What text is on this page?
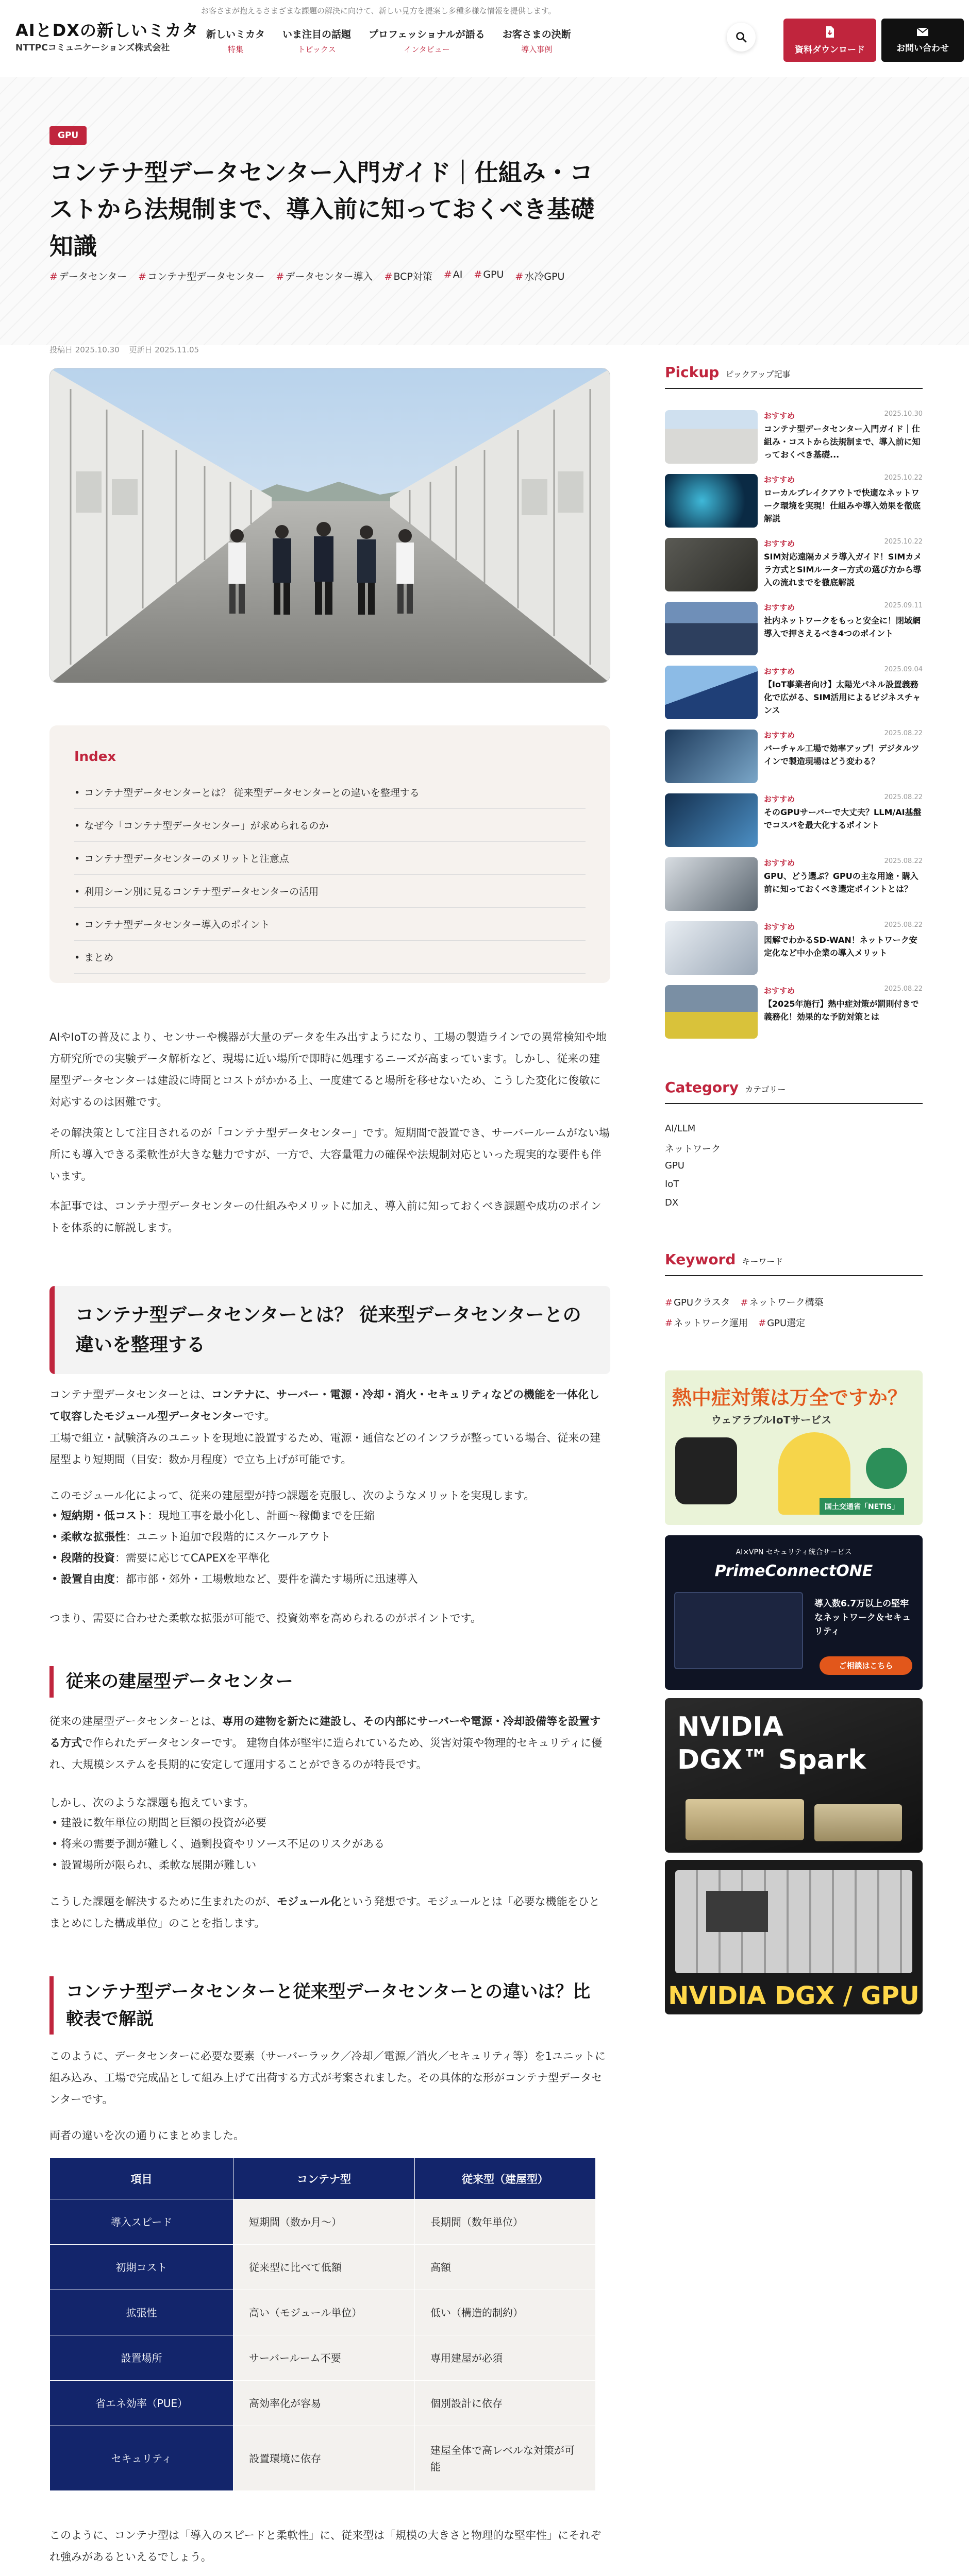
お客さまが抱えるさまざまな課題の解決に向けて、新しい見方を提案し多種多様な情報を提供します。
AIとDXの新しいミカタ
NTTPCコミュニケーションズ株式会社
新しいミカタ
特集
いま注目の話題
トピックス
プロフェッショナルが語る
インタビュー
お客さまの決断
導入事例	資料ダウンロード	お問い合わせ
GPU
コンテナ型データセンター入門ガイド｜仕組み・コストから法規制まで、導入前に知っておくべき基礎知識
# データセンター # コンテナ型データセンター # データセンター導入 # BCP対策 # AI # GPU # 水冷GPU
投稿日 2025.10.30 更新日 2025.11.05
Index
• コンテナ型データセンターとは？ 従来型データセンターとの違いを整理する
• なぜ今「コンテナ型データセンター」が求められるのか
• コンテナ型データセンターのメリットと注意点
• 利用シーン別に見るコンテナ型データセンターの活用
• コンテナ型データセンター導入のポイント
• まとめ

AIやIoTの普及により、センサーや機器が大量のデータを生み出すようになり、工場の製造ラインでの異常検知や地方研究所での実験データ解析など、現場に近い場所で即時に処理するニーズが高まっています。しかし、従来の建屋型データセンターは建設に時間とコストがかかる上、一度建てると場所を移せないため、こうした変化に俊敏に対応するのは困難です。

その解決策として注目されるのが「コンテナ型データセンター」です。短期間で設置でき、サーバールームがない場所にも導入できる柔軟性が大きな魅力ですが、一方で、大容量電力の確保や法規制対応といった現実的な要件も伴います。

本記事では、コンテナ型データセンターの仕組みやメリットに加え、導入前に知っておくべき課題や成功のポイントを体系的に解説します。

コンテナ型データセンターとは？ 従来型データセンターとの違いを整理する

コンテナ型データセンターとは、コンテナに、サーバー・電源・冷却・消火・セキュリティなどの機能を一体化して収容したモジュール型データセンターです。
工場で組立・試験済みのユニットを現地に設置するため、電源・通信などのインフラが整っている場合、従来の建屋型より短期間（目安：数か月程度）で立ち上げが可能です。

このモジュール化によって、従来の建屋型が持つ課題を克服し、次のようなメリットを実現します。

• 短納期・低コスト：現地工事を最小化し、計画〜稼働までを圧縮
• 柔軟な拡張性：ユニット追加で段階的にスケールアウト
• 段階的投資：需要に応じてCAPEXを平準化
• 設置自由度：都市部・郊外・工場敷地など、要件を満たす場所に迅速導入

つまり、需要に合わせた柔軟な拡張が可能で、投資効率を高められるのがポイントです。

従来の建屋型データセンター

従来の建屋型データセンターとは、専用の建物を新たに建設し、その内部にサーバーや電源・冷却設備等を設置する方式で作られたデータセンターです。 建物自体が堅牢に造られているため、災害対策や物理的セキュリティに優れ、大規模システムを長期的に安定して運用することができるのが特長です。

しかし、次のような課題も抱えています。

• 建設に数年単位の期間と巨額の投資が必要
• 将来の需要予測が難しく、過剰投資やリソース不足のリスクがある
• 設置場所が限られ、柔軟な展開が難しい

こうした課題を解決するために生まれたのが、モジュール化という発想です。モジュールとは「必要な機能をひとまとめにした構成単位」のことを指します。

コンテナ型データセンターと従来型データセンターとの違いは？比較表で解説

このように、データセンターに必要な要素（サーバーラック／冷却／電源／消火／セキュリティ等）を1ユニットに組み込み、工場で完成品として組み上げて出荷する方式が考案されました。その具体的な形がコンテナ型データセンターです。

両者の違いを次の通りにまとめました。

項目	コンテナ型	従来型（建屋型）
導入スピード	短期間（数か月〜）	長期間（数年単位）
初期コスト	従来型に比べて低額	高額
拡張性	高い（モジュール単位）	低い（構造的制約）
設置場所	サーバールーム不要	専用建屋が必須
省エネ効率（PUE）	高効率化が容易	個別設計に依存
セキュリティ	設置環境に依存	建屋全体で高レベルな対策が可能

このように、コンテナ型は「導入のスピードと柔軟性」に、従来型は「規模の大きさと物理的な堅牢性」にそれぞれ強みがあるといえるでしょう。

Pickup ピックアップ記事
おすすめ	2025.10.30
コンテナ型データセンター入門ガイド｜仕組み・コストから法規制まで、導入前に知っておくべき基礎...
おすすめ	2025.10.22
ローカルブレイクアウトで快適なネットワーク環境を実現！仕組みや導入効果を徹底解説
おすすめ	2025.10.22
SIM対応遠隔カメラ導入ガイド！SIMカメラ方式とSIMルーター方式の選び方から導入の流れまでを徹底解説
おすすめ	2025.09.11
社内ネットワークをもっと安全に！閉域網導入で押さえるべき4つのポイント
おすすめ	2025.09.04
【IoT事業者向け】太陽光パネル設置義務化で広がる、SIM活用によるビジネスチャンス
おすすめ	2025.08.22
バーチャル工場で効率アップ！デジタルツインで製造現場はどう変わる？
おすすめ	2025.08.22
そのGPUサーバーで大丈夫？LLM/AI基盤でコスパを最大化するポイント
おすすめ	2025.08.22
GPU、どう選ぶ？GPUの主な用途・購入前に知っておくべき選定ポイントとは？
おすすめ	2025.08.22
図解でわかるSD-WAN！ネットワーク安定化など中小企業の導入メリット
おすすめ	2025.08.22
【2025年施行】熱中症対策が罰則付きで義務化！効果的な予防対策とは
Category カテゴリー
AI/LLM
ネットワーク
GPU
IoT
DX
Keyword キーワード
# GPUクラスタ # ネットワーク構築
# ネットワーク運用 # GPU選定
熱中症対策は万全ですか？
ウェアラブルIoTサービス
国土交通省「NETIS」
AI×VPN セキュリティ統合サービス
PrimeConnectONE
導入数6.7万以上の堅牢なネットワーク＆セキュリティ
ご相談はこちら
NVIDIA
DGX™ Spark
NVIDIA DGX / GPU
